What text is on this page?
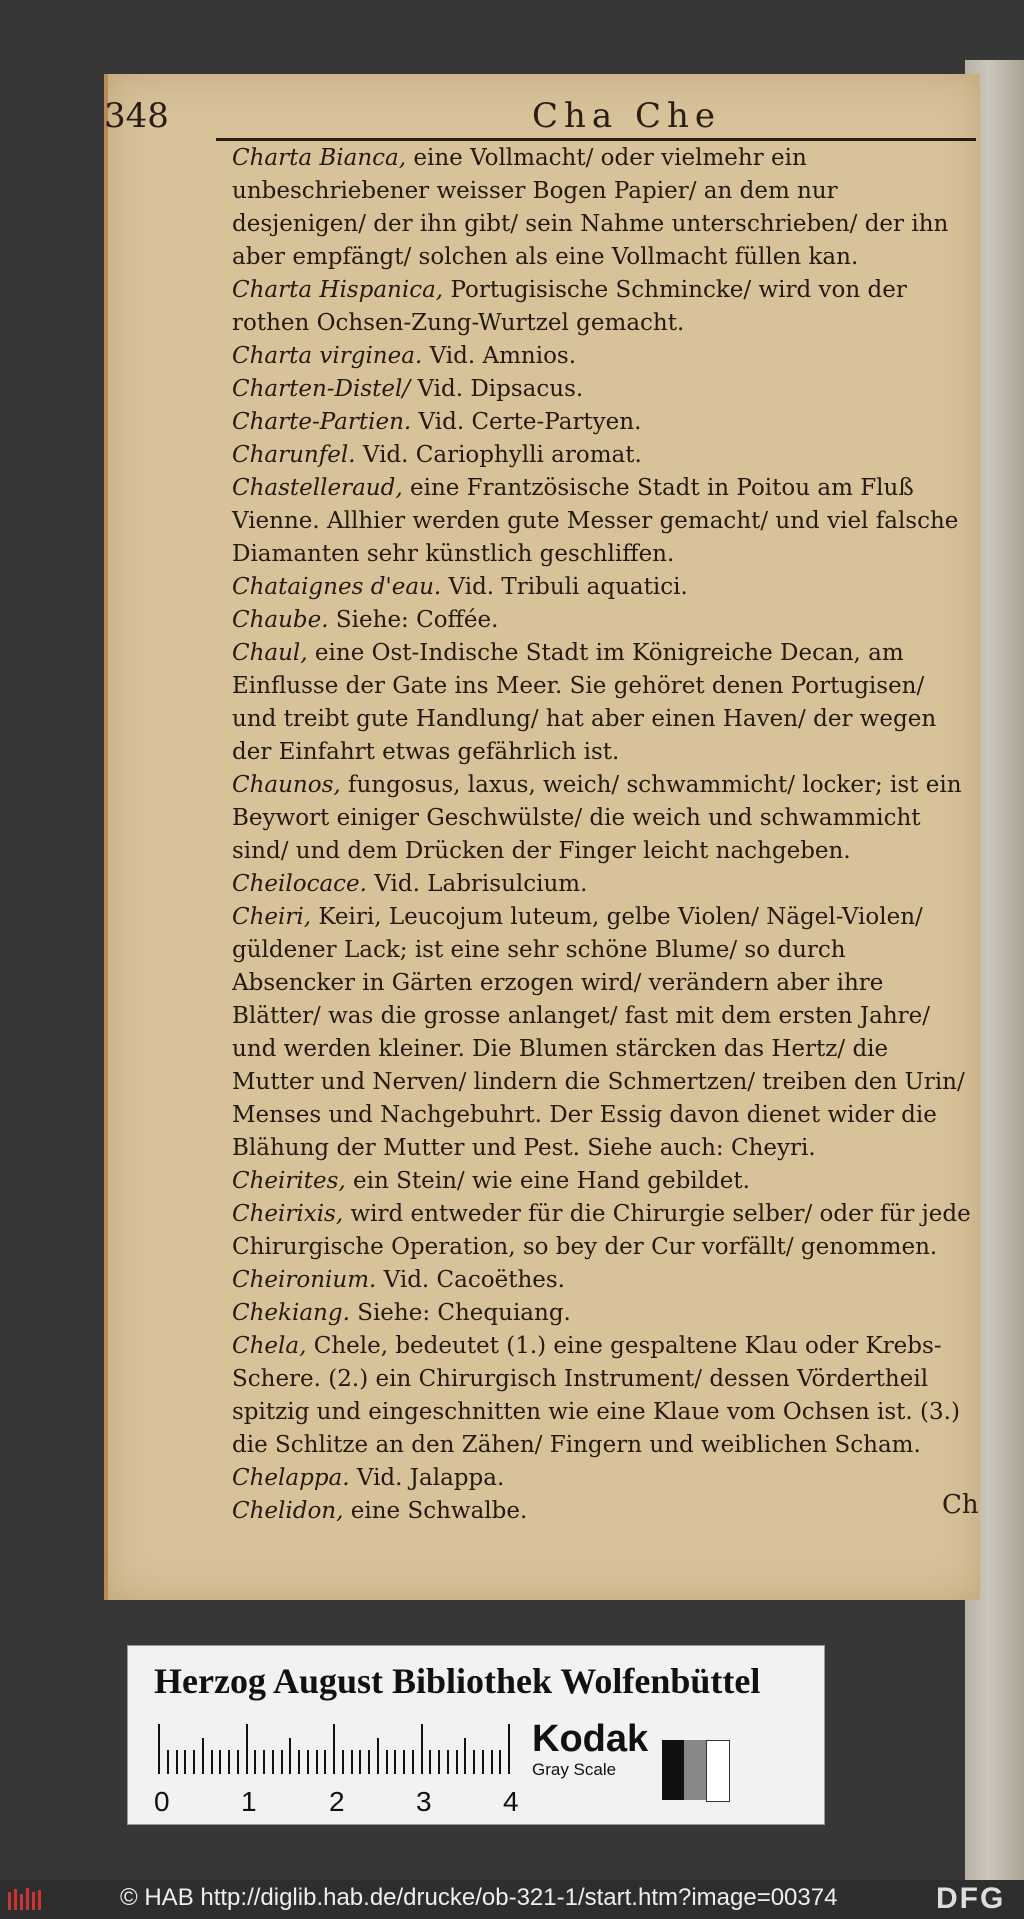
348	Cha Che

Charta Bianca, eine Vollmacht/ oder vielmehr ein unbeschriebener weisser Bogen Papier/ an dem nur desjenigen/ der ihn gibt/ sein Nahme unterschrieben/ der ihn aber empfängt/ solchen als eine Vollmacht füllen kan.

Charta Hispanica, Portugisische Schmincke/ wird von der rothen Ochsen-Zung-Wurtzel gemacht.

Charta virginea. Vid. Amnios.

Charten-Distel/ Vid. Dipsacus.

Charte-Partien. Vid. Certe-Partyen.

Charunfel. Vid. Cariophylli aromat.

Chastelleraud, eine Frantzösische Stadt in Poitou am Fluß Vienne. Allhier werden gute Messer gemacht/ und viel falsche Diamanten sehr künstlich geschliffen.

Chataignes d'eau. Vid. Tribuli aquatici.

Chaube. Siehe: Coffée.

Chaul, eine Ost-Indische Stadt im Königreiche Decan, am Einflusse der Gate ins Meer. Sie gehöret denen Portugisen/ und treibt gute Handlung/ hat aber einen Haven/ der wegen der Einfahrt etwas gefährlich ist.

Chaunos, fungosus, laxus, weich/ schwammicht/ locker; ist ein Beywort einiger Geschwülste/ die weich und schwammicht sind/ und dem Drücken der Finger leicht nachgeben.

Cheilocace. Vid. Labrisulcium.

Cheiri, Keiri, Leucojum luteum, gelbe Violen/ Nägel-Violen/ güldener Lack; ist eine sehr schöne Blume/ so durch Absencker in Gärten erzogen wird/ verändern aber ihre Blätter/ was die grosse anlanget/ fast mit dem ersten Jahre/ und werden kleiner. Die Blumen stärcken das Hertz/ die Mutter und Nerven/ lindern die Schmertzen/ treiben den Urin/ Menses und Nachgebuhrt. Der Essig davon dienet wider die Blähung der Mutter und Pest. Siehe auch: Cheyri.

Cheirites, ein Stein/ wie eine Hand gebildet.

Cheirixis, wird entweder für die Chirurgie selber/ oder für jede Chirurgische Operation, so bey der Cur vorfällt/ genommen.

Cheironium. Vid. Cacoëthes.

Chekiang. Siehe: Chequiang.

Chela, Chele, bedeutet (1.) eine gespaltene Klau oder Krebs-Schere. (2.) ein Chirurgisch Instrument/ dessen Vördertheil spitzig und eingeschnitten wie eine Klaue vom Ochsen ist. (3.) die Schlitze an den Zähen/ Fingern und weiblichen Scham.

Chelappa. Vid. Jalappa.

Chelidon, eine Schwalbe.	Ch
Herzog August Bibliothek Wolfenbüttel
0	1	2	3	4
Kodak
Gray Scale
© HAB http://diglib.hab.de/drucke/ob-321-1/start.htm?image=00374	DFG
